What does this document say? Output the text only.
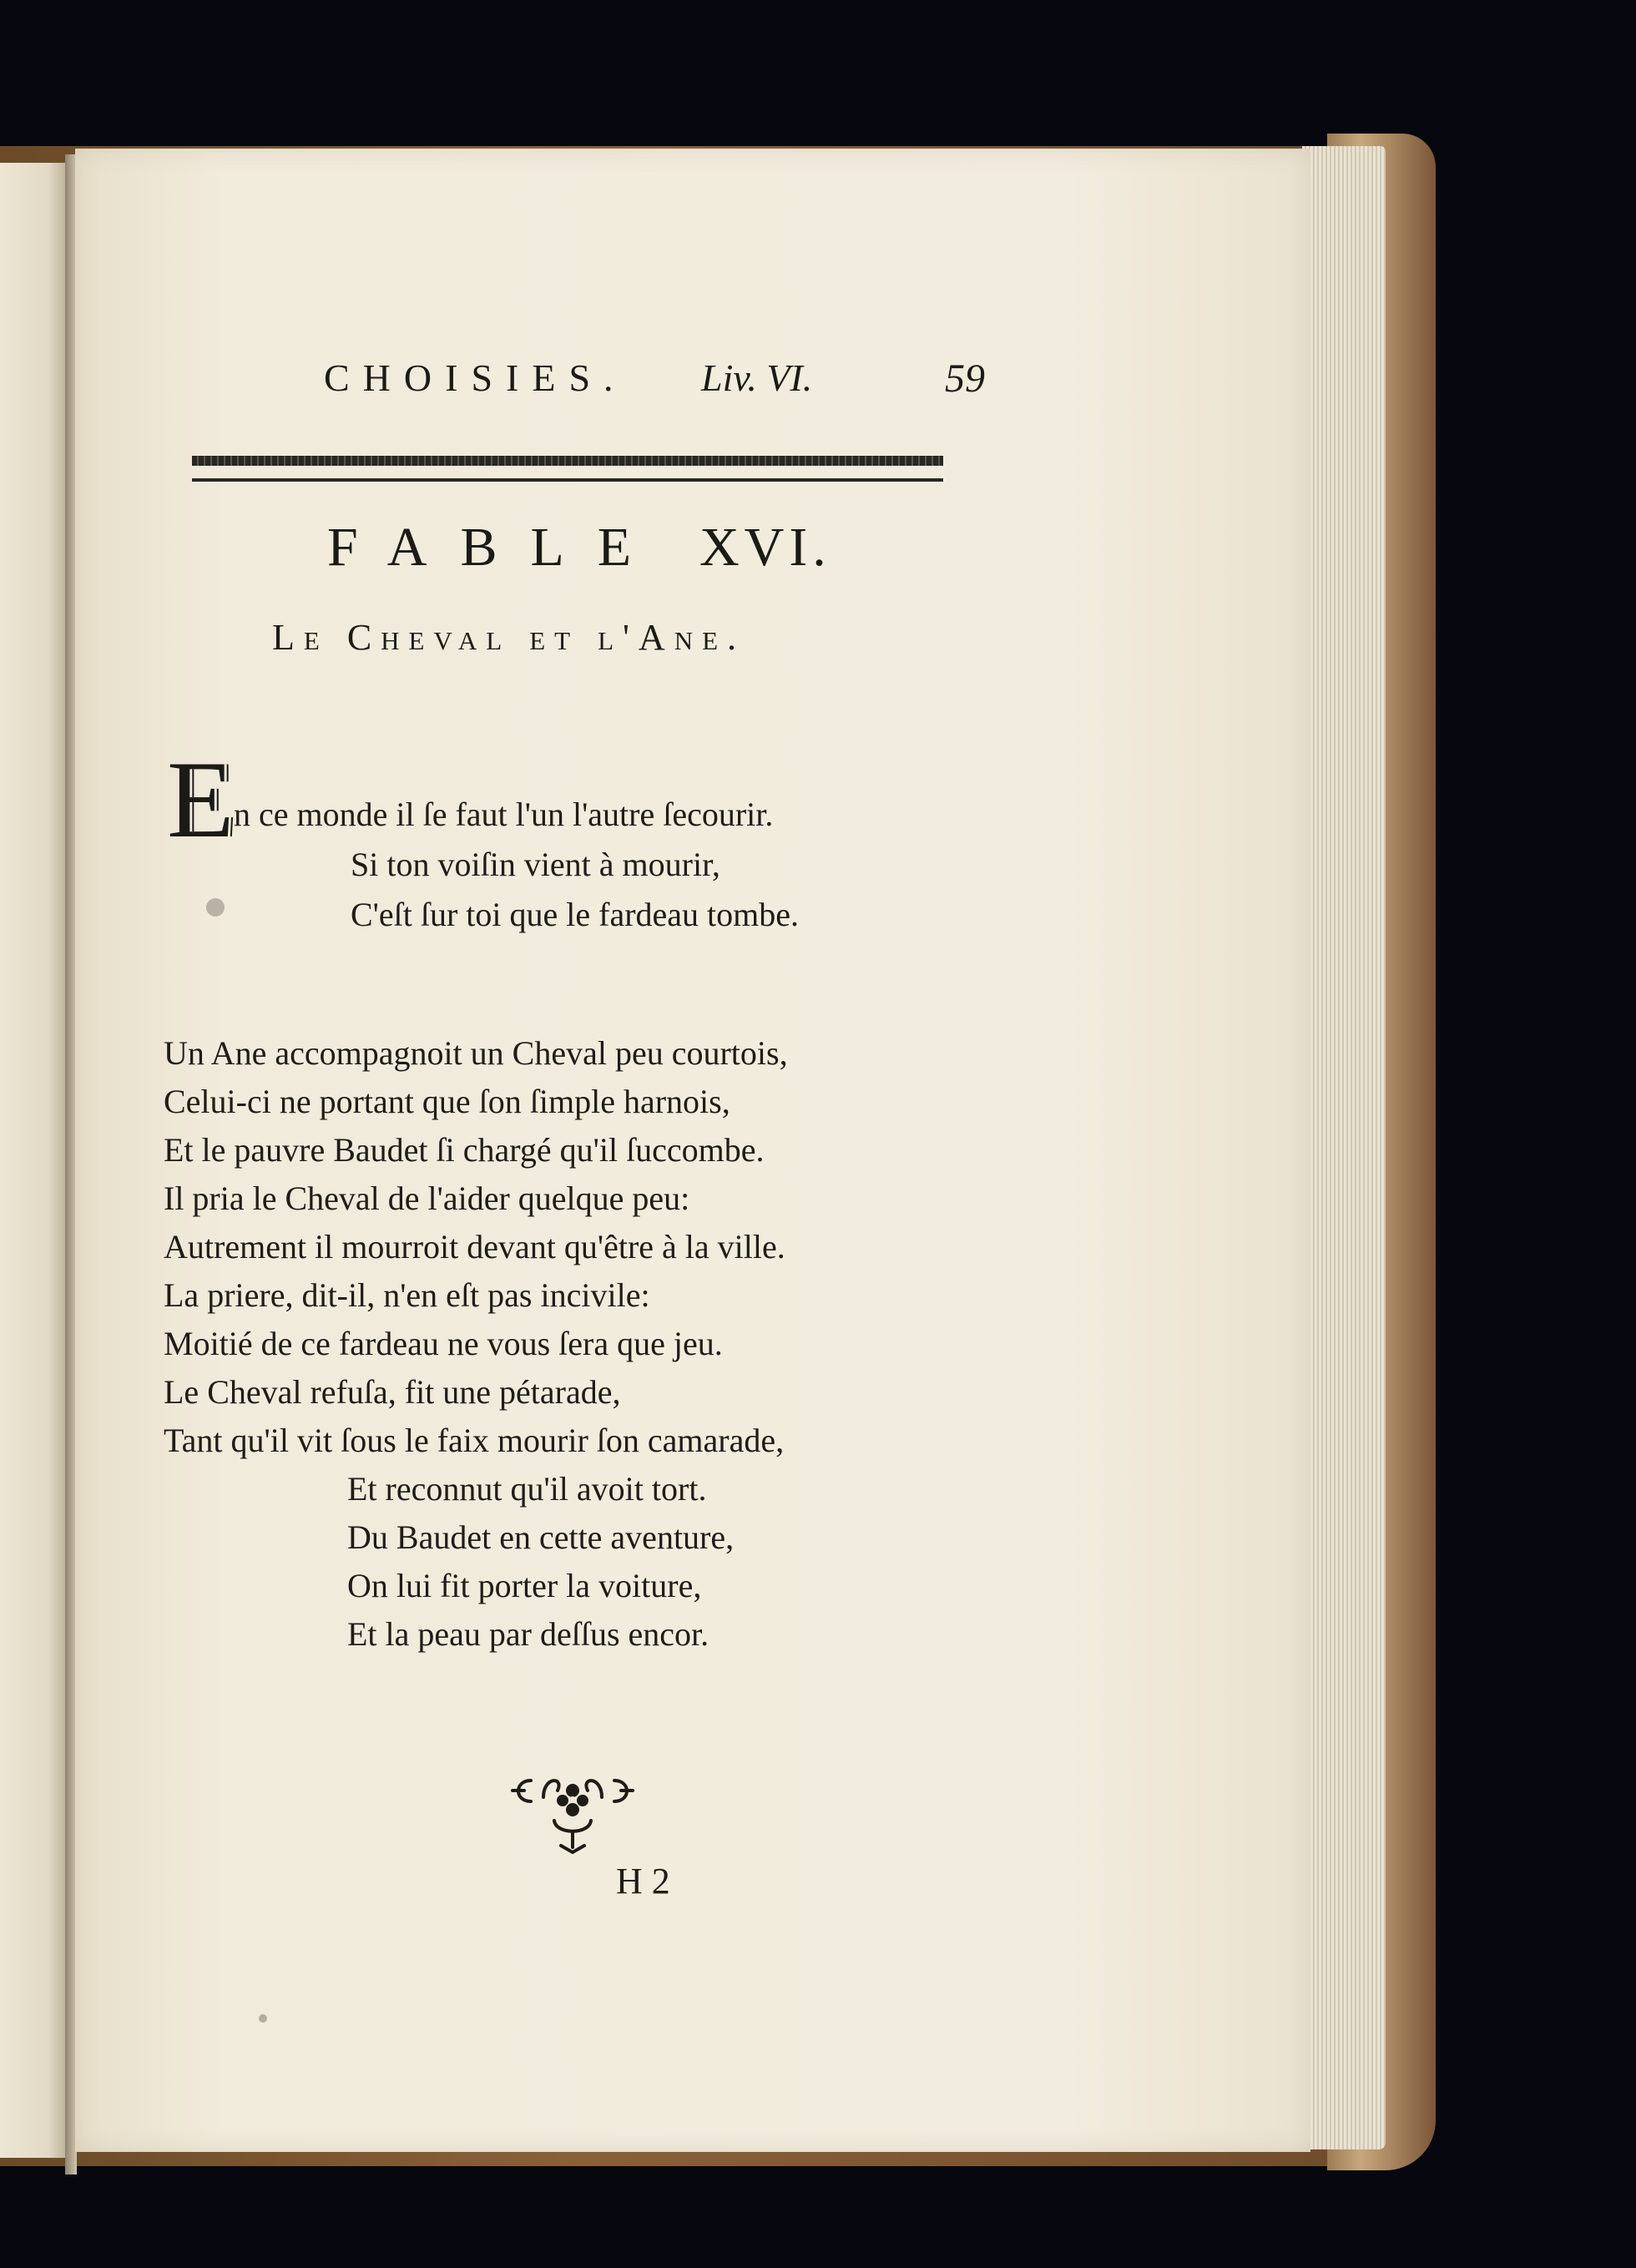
CHOISIES. Liv. VI.	59
FABLE XVI.
Le Cheval et l'Ane.
E n ce monde il ſe faut l'un l'autre ſecourir.
Si ton voiſin vient à mourir,
C'eſt ſur toi que le fardeau tombe.
Un Ane accompagnoit un Cheval peu courtois,
Celui-ci ne portant que ſon ſimple harnois,
Et le pauvre Baudet ſi chargé qu'il ſuccombe.
Il pria le Cheval de l'aider quelque peu:
Autrement il mourroit devant qu'être à la ville.
La priere, dit-il, n'en eſt pas incivile:
Moitié de ce fardeau ne vous ſera que jeu.
Le Cheval refuſa, fit une pétarade,
Tant qu'il vit ſous le faix mourir ſon camarade,
Et reconnut qu'il avoit tort.
Du Baudet en cette aventure,
On lui fit porter la voiture,
Et la peau par deſſus encor.
H 2
